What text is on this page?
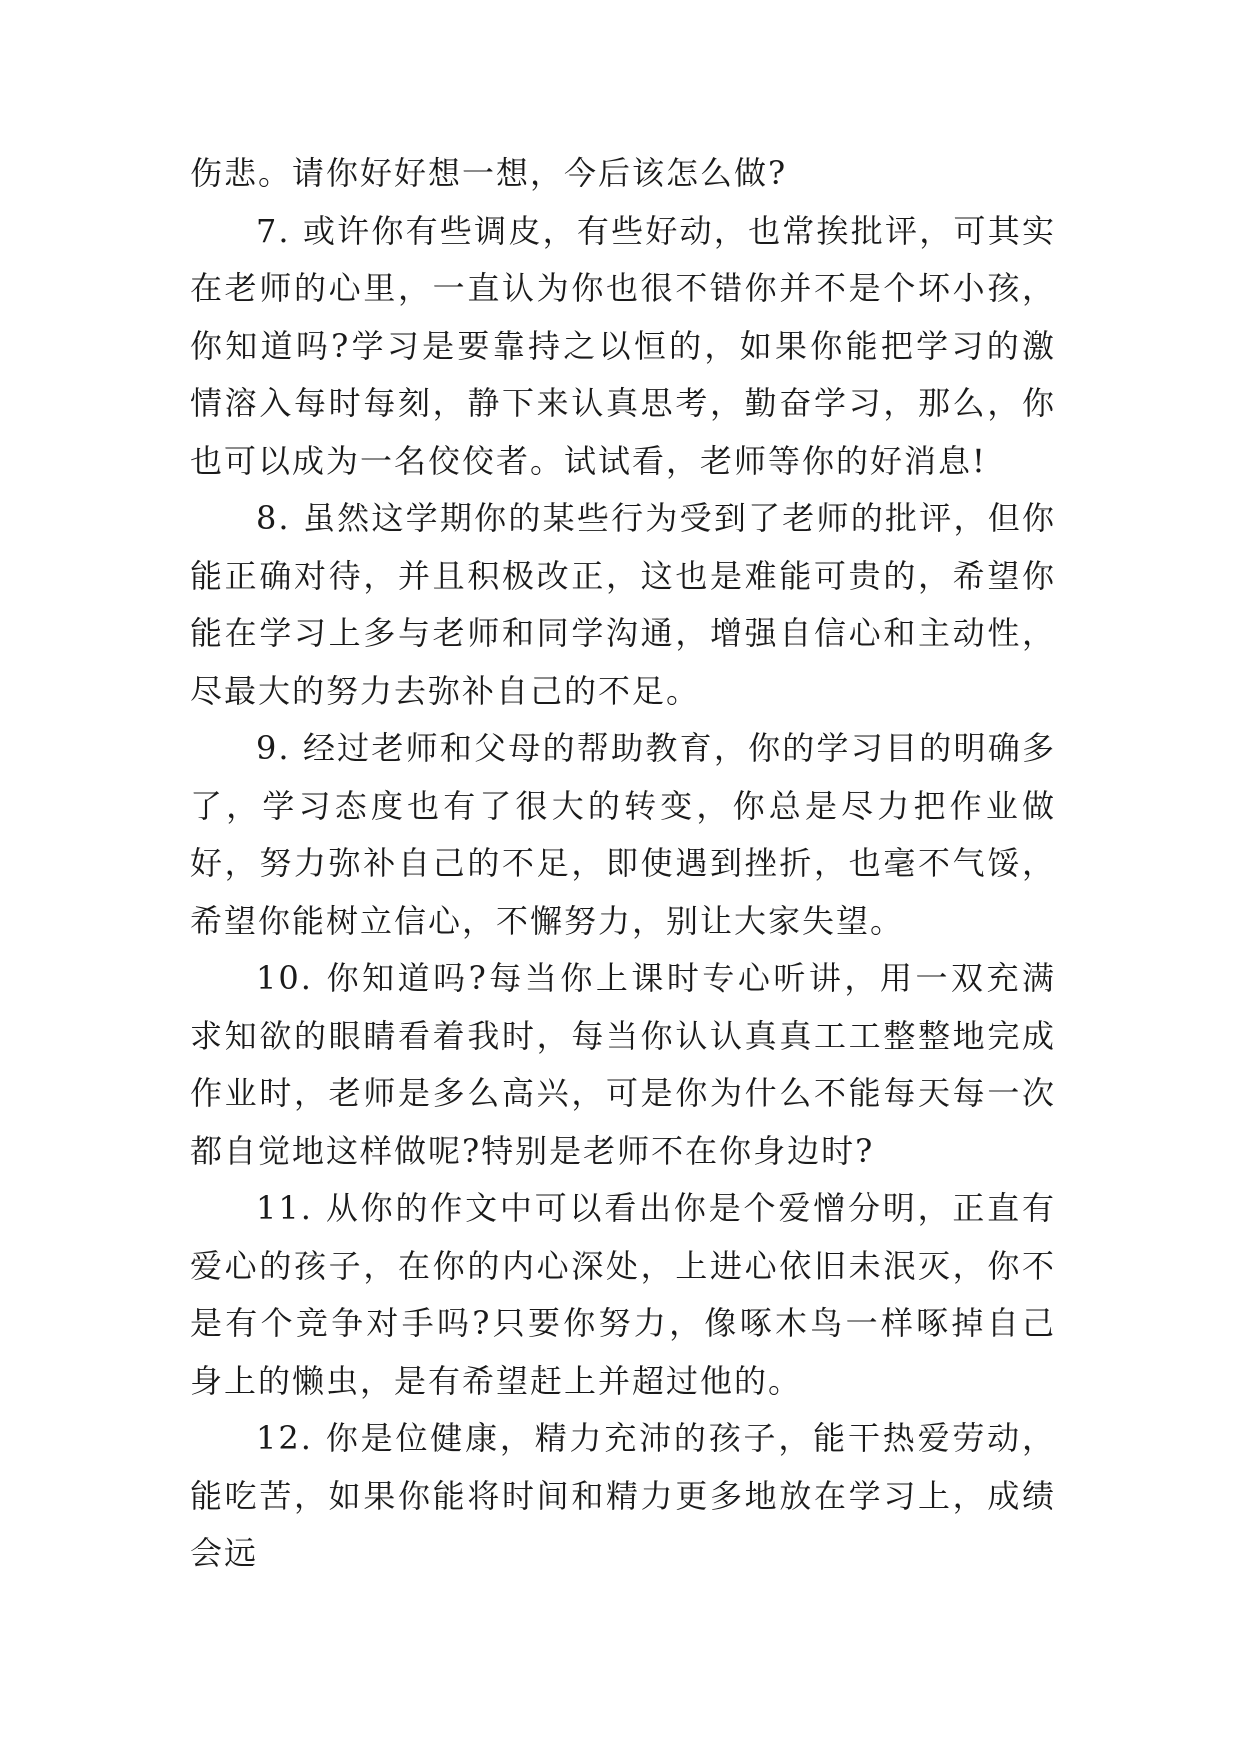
伤悲。请你好好想一想，今后该怎么做?

7. 或许你有些调皮，有些好动，也常挨批评，可其实在老师的心里，一直认为你也很不错你并不是个坏小孩，你知道吗?学习是要靠持之以恒的，如果你能把学习的激情溶入每时每刻，静下来认真思考，勤奋学习，那么，你也可以成为一名佼佼者。试试看，老师等你的好消息!

8. 虽然这学期你的某些行为受到了老师的批评，但你能正确对待，并且积极改正，这也是难能可贵的，希望你能在学习上多与老师和同学沟通，增强自信心和主动性，尽最大的努力去弥补自己的不足。

9. 经过老师和父母的帮助教育，你的学习目的明确多了，学习态度也有了很大的转变，你总是尽力把作业做好，努力弥补自己的不足，即使遇到挫折，也毫不气馁，希望你能树立信心，不懈努力，别让大家失望。

10. 你知道吗?每当你上课时专心听讲，用一双充满求知欲的眼睛看着我时，每当你认认真真工工整整地完成作业时，老师是多么高兴，可是你为什么不能每天每一次都自觉地这样做呢?特别是老师不在你身边时?

11. 从你的作文中可以看出你是个爱憎分明，正直有爱心的孩子，在你的内心深处，上进心依旧未泯灭，你不是有个竞争对手吗?只要你努力，像啄木鸟一样啄掉自己身上的懒虫，是有希望赶上并超过他的。

12. 你是位健康，精力充沛的孩子，能干热爱劳动，能吃苦，如果你能将时间和精力更多地放在学习上，成绩会远
